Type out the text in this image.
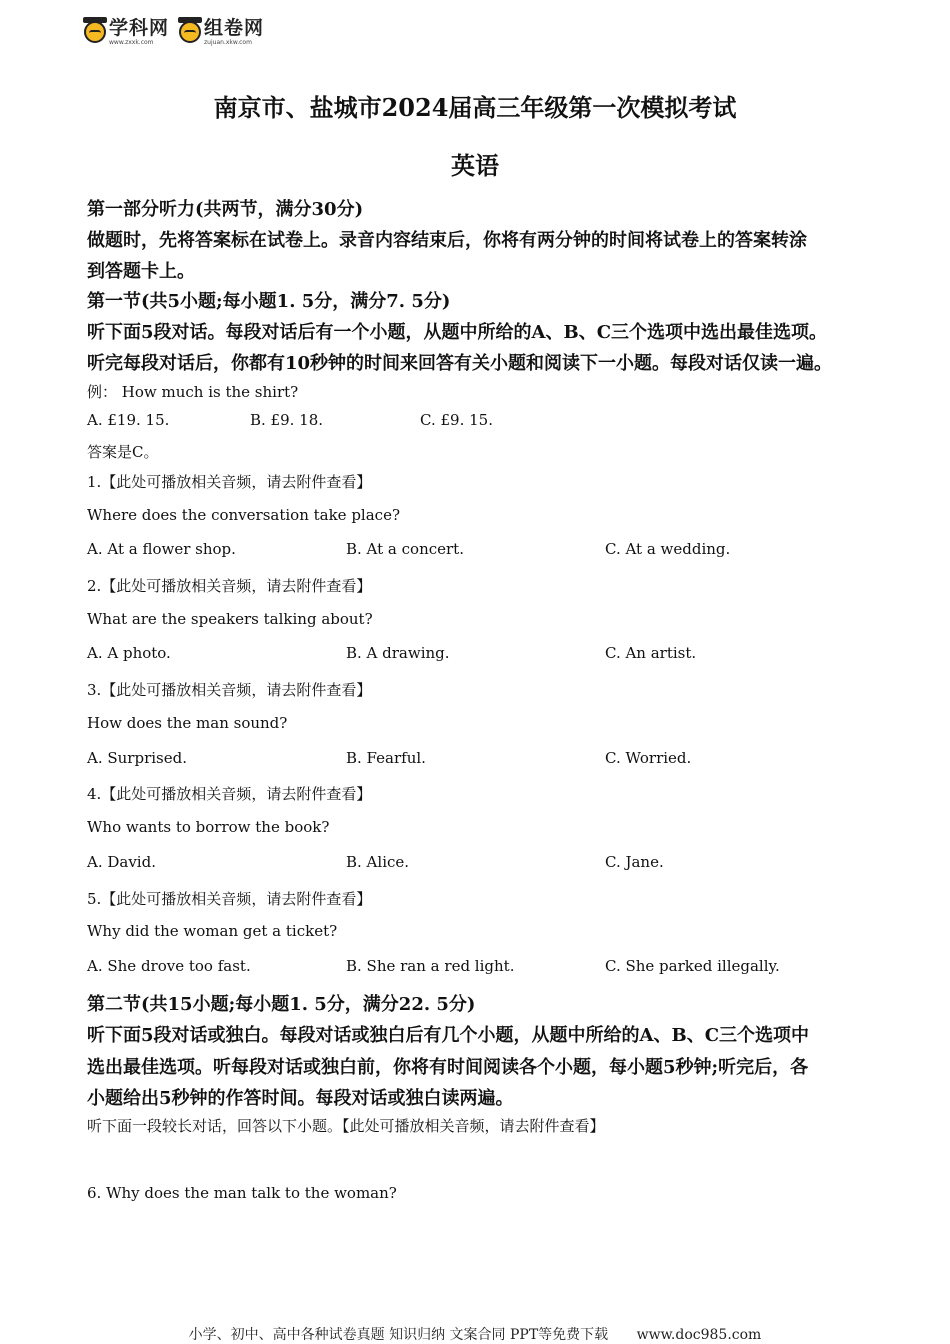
学科网
www.zxxk.com
组卷网
zujuan.xkw.com
南京市、盐城市2024届高三年级第一次模拟考试
英语
第一部分听力(共两节，满分30分)
做题时，先将答案标在试卷上。录音内容结束后，你将有两分钟的时间将试卷上的答案转涂
到答题卡上。
第一节(共5小题;每小题1. 5分，满分7. 5分)
听下面5段对话。每段对话后有一个小题，从题中所给的A、B、C三个选项中选出最佳选项。
听完每段对话后，你都有10秒钟的时间来回答有关小题和阅读下一小题。每段对话仅读一遍。
例： How much is the shirt?
A. £19. 15.	B. £9. 18.	C. £9. 15.
答案是C。
1.【此处可播放相关音频，请去附件查看】
Where does the conversation take place?
A. At a flower shop.	B. At a concert.	C. At a wedding.
2.【此处可播放相关音频，请去附件查看】
What are the speakers talking about?
A. A photo.	B. A drawing.	C. An artist.
3.【此处可播放相关音频，请去附件查看】
How does the man sound?
A. Surprised.	B. Fearful.	C. Worried.
4.【此处可播放相关音频，请去附件查看】
Who wants to borrow the book?
A. David.	B. Alice.	C. Jane.
5.【此处可播放相关音频，请去附件查看】
Why did the woman get a ticket?
A. She drove too fast.	B. She ran a red light.	C. She parked illegally.
第二节(共15小题;每小题1. 5分，满分22. 5分)
听下面5段对话或独白。每段对话或独白后有几个小题，从题中所给的A、B、C三个选项中
选出最佳选项。听每段对话或独白前，你将有时间阅读各个小题，每小题5秒钟;听完后，各
小题给出5秒钟的作答时间。每段对话或独白读两遍。
听下面一段较长对话，回答以下小题。【此处可播放相关音频，请去附件查看】
6. Why does the man talk to the woman?
小学、初中、高中各种试卷真题 知识归纳 文案合同 PPT等免费下载 www.doc985.com
